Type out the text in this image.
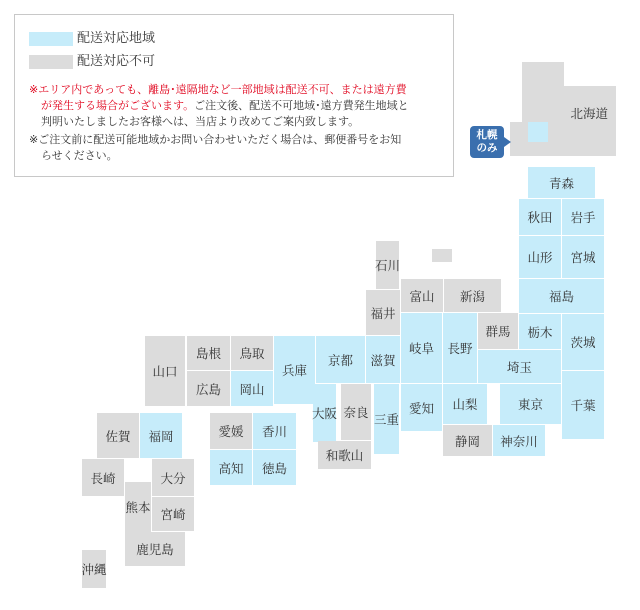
配送対応地域
配送対応不可
※エリア内であっても、離島･遠隔地など一部地域は配送不可、または遠方費
が発生する場合がございます。ご注文後、配送不可地域･遠方費発生地域と
判明いたしましたお客様へは、当店より改めてご案内致します。
※ご注文前に配送可能地域かお問い合わせいただく場合は、郵便番号をお知
らせください。
北海道
札幌
のみ
青森
秋田 岩手
山形 宮城
福島
石川
富山 新潟
福井
群馬 栃木
茨城
長野
岐阜
滋賀
京都
兵庫	埼玉
千葉
山梨	東京
愛知
静岡 神奈川
三重
大阪 奈良
和歌山
山口
島根 鳥取
広島 岡山
愛媛 香川
高知 徳島
佐賀 福岡
長崎	大分
熊本 宮崎
鹿児島
沖縄
